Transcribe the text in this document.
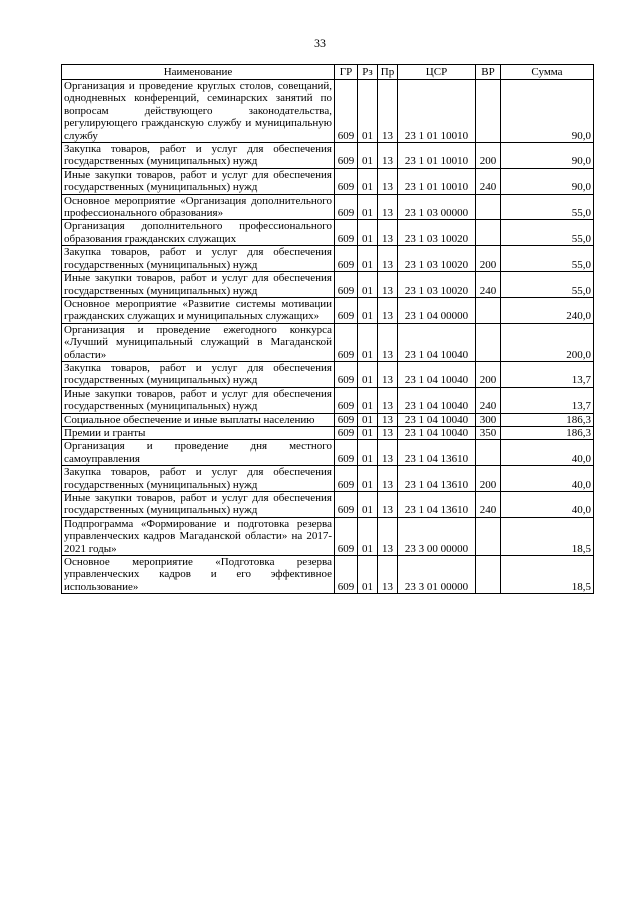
33
Наименование	ГР	Рз	Пр	ЦСР	ВР	Сумма
Организация и проведение круглых столов, совещаний, однодневных конференций, семинарских занятий по вопросам действующего законодательства, регулирующего гражданскую службу и муниципальную службу	609	01	13	23 1 01 10010		90,0
Закупка товаров, работ и услуг для обеспечения государственных (муниципальных) нужд	609	01	13	23 1 01 10010	200	90,0
Иные закупки товаров, работ и услуг для обеспечения государственных (муниципальных) нужд	609	01	13	23 1 01 10010	240	90,0
Основное мероприятие «Организация дополнительного профессионального образования»	609	01	13	23 1 03 00000		55,0
Организация дополнительного профессионального образования гражданских служащих	609	01	13	23 1 03 10020		55,0
Закупка товаров, работ и услуг для обеспечения государственных (муниципальных) нужд	609	01	13	23 1 03 10020	200	55,0
Иные закупки товаров, работ и услуг для обеспечения государственных (муниципальных) нужд	609	01	13	23 1 03 10020	240	55,0
Основное мероприятие «Развитие системы мотивации гражданских служащих и муниципальных служащих»	609	01	13	23 1 04 00000		240,0
Организация и проведение ежегодного конкурса «Лучший муниципальный служащий в Магаданской области»	609	01	13	23 1 04 10040		200,0
Закупка товаров, работ и услуг для обеспечения государственных (муниципальных) нужд	609	01	13	23 1 04 10040	200	13,7
Иные закупки товаров, работ и услуг для обеспечения государственных (муниципальных) нужд	609	01	13	23 1 04 10040	240	13,7
Социальное обеспечение и иные выплаты населению	609	01	13	23 1 04 10040	300	186,3
Премии и гранты	609	01	13	23 1 04 10040	350	186,3
Организация и проведение дня местного самоуправления	609	01	13	23 1 04 13610		40,0
Закупка товаров, работ и услуг для обеспечения государственных (муниципальных) нужд	609	01	13	23 1 04 13610	200	40,0
Иные закупки товаров, работ и услуг для обеспечения государственных (муниципальных) нужд	609	01	13	23 1 04 13610	240	40,0
Подпрограмма «Формирование и подготовка резерва управленческих кадров Магаданской области» на 2017-2021 годы»	609	01	13	23 3 00 00000		18,5
Основное мероприятие «Подготовка резерва управленческих кадров и его эффективное использование»	609	01	13	23 3 01 00000		18,5
